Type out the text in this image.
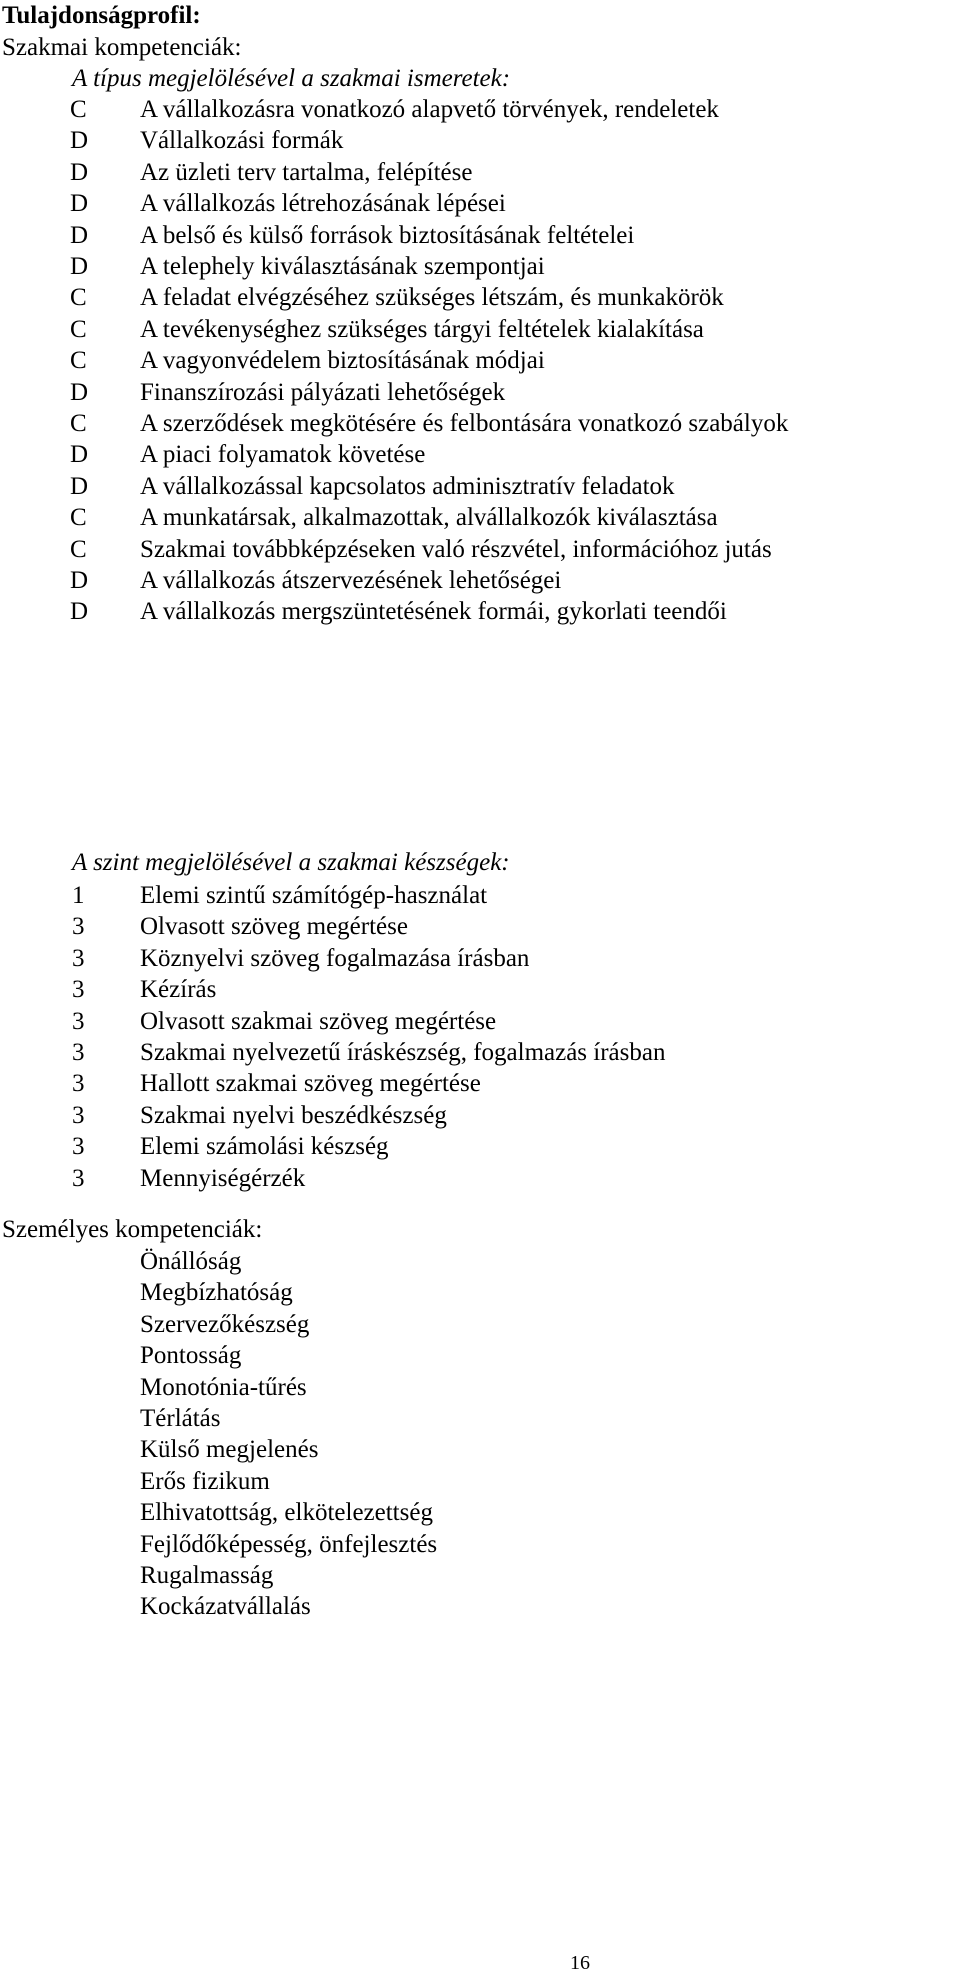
Tulajdonságprofil:
Szakmai kompetenciák:
A típus megjelölésével a szakmai ismeretek:
C	A vállalkozásra vonatkozó alapvető törvények, rendeletek
D	Vállalkozási formák
D	Az üzleti terv tartalma, felépítése
D	A vállalkozás létrehozásának lépései
D	A belső és külső források biztosításának feltételei
D	A telephely kiválasztásának szempontjai
C	A feladat elvégzéséhez szükséges létszám, és munkakörök
C	A tevékenységhez szükséges tárgyi feltételek kialakítása
C	A vagyonvédelem biztosításának módjai
D	Finanszírozási pályázati lehetőségek
C	A szerződések megkötésére és felbontására vonatkozó szabályok
D	A piaci folyamatok követése
D	A vállalkozással kapcsolatos adminisztratív feladatok
C	A munkatársak, alkalmazottak, alvállalkozók kiválasztása
C	Szakmai továbbképzéseken való részvétel, információhoz jutás
D	A vállalkozás átszervezésének lehetőségei
D	A vállalkozás mergszüntetésének formái, gykorlati teendői
A szint megjelölésével a szakmai készségek:
1	Elemi szintű számítógép-használat
3	Olvasott szöveg megértése
3	Köznyelvi szöveg fogalmazása írásban
3	Kézírás
3	Olvasott szakmai szöveg megértése
3	Szakmai nyelvezetű íráskészség, fogalmazás írásban
3	Hallott szakmai szöveg megértése
3	Szakmai nyelvi beszédkészség
3	Elemi számolási készség
3	Mennyiségérzék
Személyes kompetenciák:
Önállóság
Megbízhatóság
Szervezőkészség
Pontosság
Monotónia-tűrés
Térlátás
Külső megjelenés
Erős fizikum
Elhivatottság, elkötelezettség
Fejlődőképesség, önfejlesztés
Rugalmasság
Kockázatvállalás
16
